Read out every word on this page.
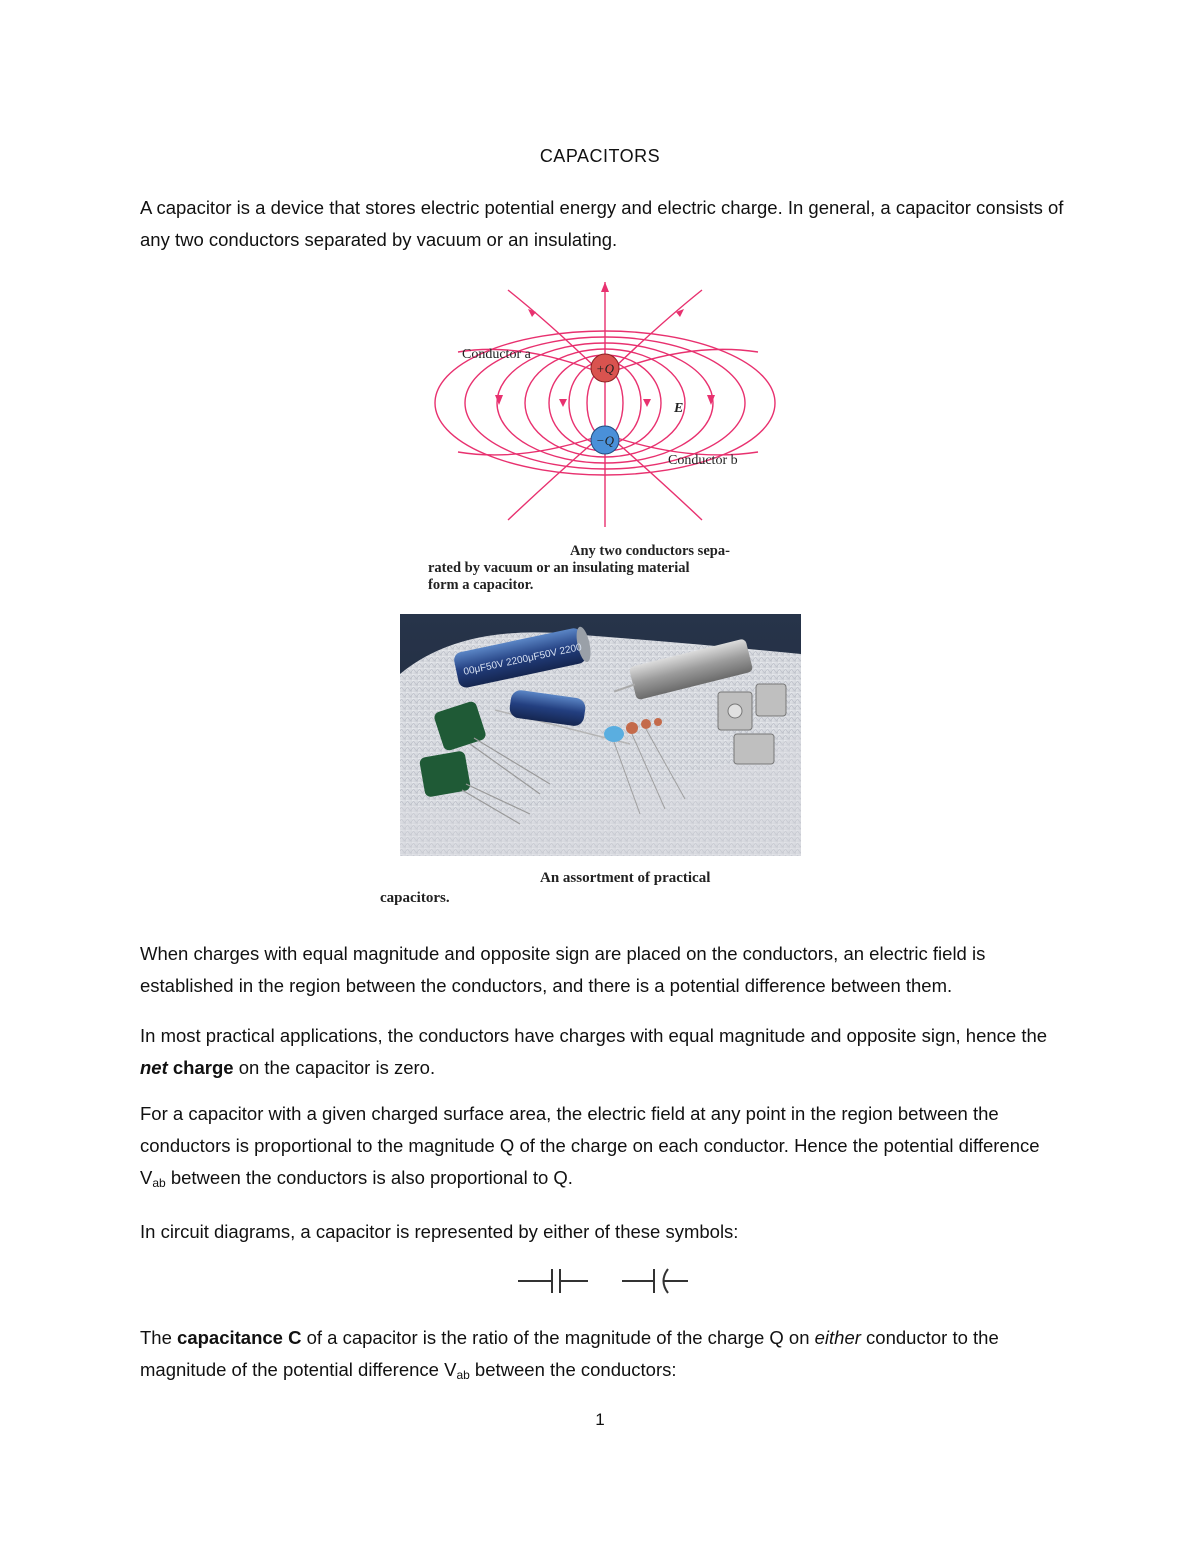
CAPACITORS

A capacitor is a device that stores electric potential energy and electric charge. In general, a capacitor consists of any two conductors separated by vacuum or an insulating.

+Q
−Q
Conductor a
Conductor b
E
Any two conductors sepa-
rated by vacuum or an insulating material
form a capacitor.
00μF50V 2200μF50V 2200
An assortment of practical
capacitors.

When charges with equal magnitude and opposite sign are placed on the conductors, an electric field is established in the region between the conductors, and there is a potential difference between them.

In most practical applications, the conductors have charges with equal magnitude and opposite sign, hence the net charge on the capacitor is zero.

For a capacitor with a given charged surface area, the electric field at any point in the region between the conductors is proportional to the magnitude Q of the charge on each conductor. Hence the potential difference $V_{ab}$ between the conductors is also proportional to Q.

In circuit diagrams, a capacitor is represented by either of these symbols:

The capacitance C of a capacitor is the ratio of the magnitude of the charge Q on either conductor to the magnitude of the potential difference $V_{ab}$ between the conductors:

1
